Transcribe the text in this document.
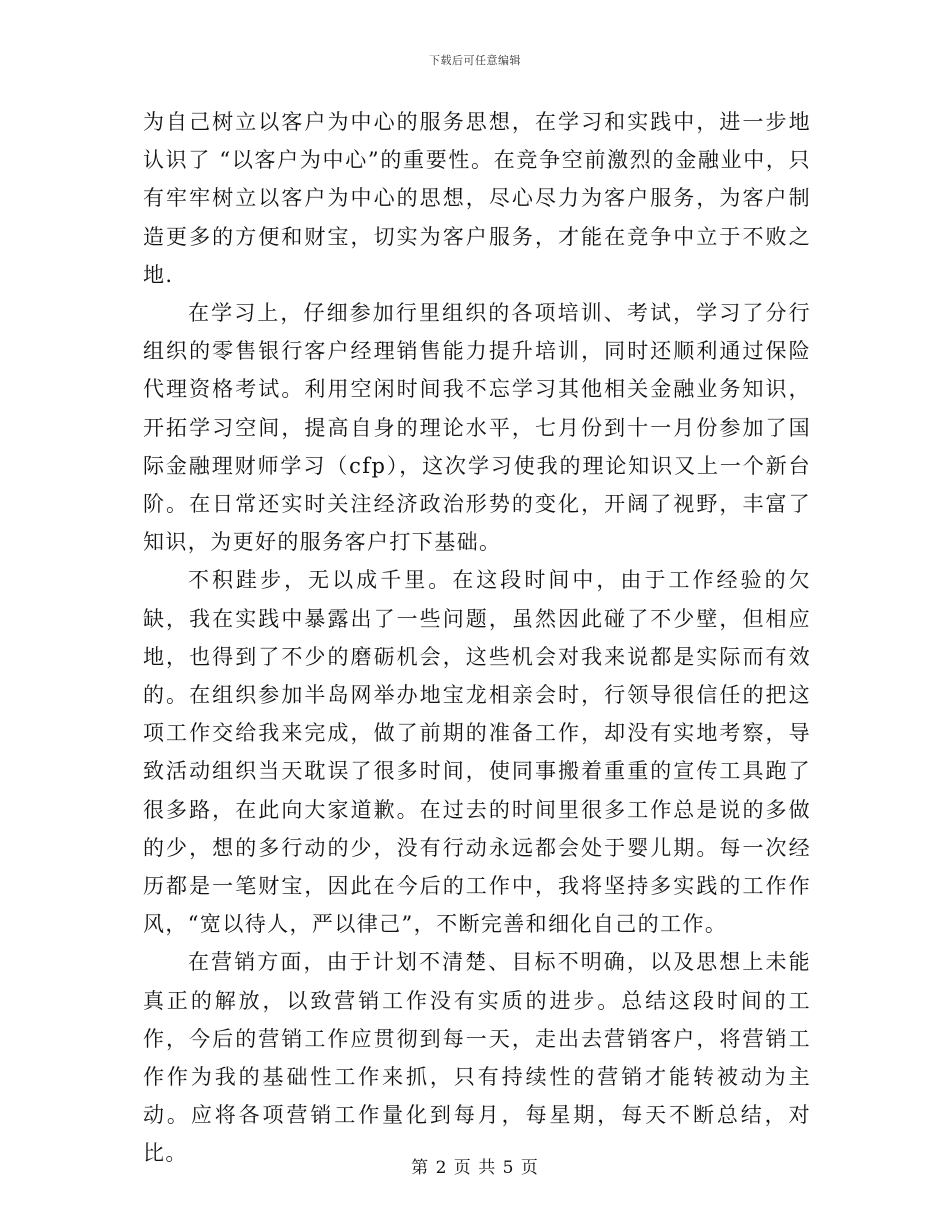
下载后可任意编辑

为自己树立以客户为中心的服务思想，在学习和实践中，进一步地认识了 “以客户为中心”的重要性。在竞争空前激烈的金融业中，只有牢牢树立以客户为中心的思想，尽心尽力为客户服务，为客户制造更多的方便和财宝，切实为客户服务，才能在竞争中立于不败之地.

在学习上，仔细参加行里组织的各项培训、考试，学习了分行组织的零售银行客户经理销售能力提升培训，同时还顺利通过保险代理资格考试。利用空闲时间我不忘学习其他相关金融业务知识，开拓学习空间，提高自身的理论水平，七月份到十一月份参加了国际金融理财师学习（cfp），这次学习使我的理论知识又上一个新台阶。在日常还实时关注经济政治形势的变化，开阔了视野，丰富了知识，为更好的服务客户打下基础。

不积跬步，无以成千里。在这段时间中，由于工作经验的欠缺，我在实践中暴露出了一些问题，虽然因此碰了不少壁，但相应地，也得到了不少的磨砺机会，这些机会对我来说都是实际而有效的。在组织参加半岛网举办地宝龙相亲会时，行领导很信任的把这项工作交给我来完成，做了前期的准备工作，却没有实地考察，导致活动组织当天耽误了很多时间，使同事搬着重重的宣传工具跑了很多路，在此向大家道歉。在过去的时间里很多工作总是说的多做的少，想的多行动的少，没有行动永远都会处于婴儿期。每一次经历都是一笔财宝，因此在今后的工作中，我将坚持多实践的工作作风，“宽以待人，严以律己”，不断完善和细化自己的工作。

在营销方面，由于计划不清楚、目标不明确，以及思想上未能真正的解放，以致营销工作没有实质的进步。总结这段时间的工作，今后的营销工作应贯彻到每一天，走出去营销客户，将营销工作作为我的基础性工作来抓，只有持续性的营销才能转被动为主动。应将各项营销工作量化到每月，每星期，每天不断总结，对比。

第 2 页 共 5 页
